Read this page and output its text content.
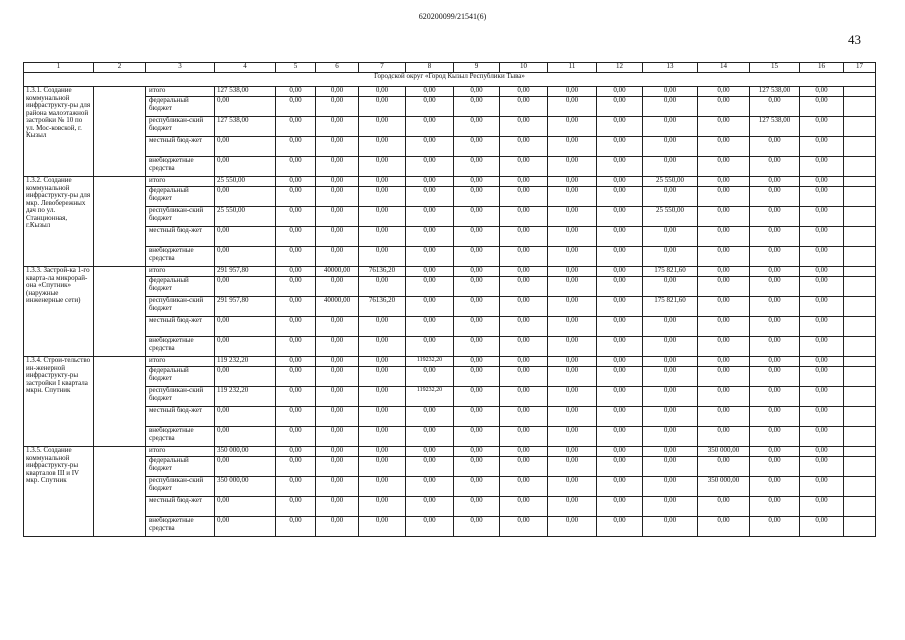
620200099/21541(6)
43
1	2	3	4	5	6	7	8	9	10	11	12	13	14	15	16	17
Городской округ «Город Кызыл Республики Тыва»																
1.3.1. Создание коммунальной инфраструкту-ры для района малоэтажной застройки № 10 по ул. Мос-ковской, г. Кызыл		итого	127 538,00	0,00	0,00	0,00	0,00	0,00	0,00	0,00	0,00	0,00	0,00	127 538,00	0,00	
		федеральный бюджет	0,00	0,00	0,00	0,00	0,00	0,00	0,00	0,00	0,00	0,00	0,00	0,00	0,00	
		республикан-ский бюджет	127 538,00	0,00	0,00	0,00	0,00	0,00	0,00	0,00	0,00	0,00	0,00	127 538,00	0,00	
		местный бюд-жет	0,00	0,00	0,00	0,00	0,00	0,00	0,00	0,00	0,00	0,00	0,00	0,00	0,00	
		внебюджетные средства	0,00	0,00	0,00	0,00	0,00	0,00	0,00	0,00	0,00	0,00	0,00	0,00	0,00	
1.3.2. Создание коммунальной инфраструкту-ры для мкр. Левобережных дач по ул. Станционная, г.Кызыл		итого	25 550,00	0,00	0,00	0,00	0,00	0,00	0,00	0,00	0,00	25 550,00	0,00	0,00	0,00	
		федеральный бюджет	0,00	0,00	0,00	0,00	0,00	0,00	0,00	0,00	0,00	0,00	0,00	0,00	0,00	
		республикан-ский бюджет	25 550,00	0,00	0,00	0,00	0,00	0,00	0,00	0,00	0,00	25 550,00	0,00	0,00	0,00	
		местный бюд-жет	0,00	0,00	0,00	0,00	0,00	0,00	0,00	0,00	0,00	0,00	0,00	0,00	0,00	
		внебюджетные средства	0,00	0,00	0,00	0,00	0,00	0,00	0,00	0,00	0,00	0,00	0,00	0,00	0,00	
1.3.3. Застрой-ка 1-го кварта-ла микрорай-она «Спутник» (наружные инженерные сети)		итого	291 957,80	0,00	40000,00	76136,20	0,00	0,00	0,00	0,00	0,00	175 821,60	0,00	0,00	0,00	
		федеральный бюджет	0,00	0,00	0,00	0,00	0,00	0,00	0,00	0,00	0,00	0,00	0,00	0,00	0,00	
		республикан-ский бюджет	291 957,80	0,00	40000,00	76136,20	0,00	0,00	0,00	0,00	0,00	175 821,60	0,00	0,00	0,00	
		местный бюд-жет	0,00	0,00	0,00	0,00	0,00	0,00	0,00	0,00	0,00	0,00	0,00	0,00	0,00	
		внебюджетные средства	0,00	0,00	0,00	0,00	0,00	0,00	0,00	0,00	0,00	0,00	0,00	0,00	0,00	
1.3.4. Строи-тельство ин-женерной инфраструкту-ры застройки I квартала мкрн. Спутник		итого	119 232,20	0,00	0,00	0,00	119232,20	0,00	0,00	0,00	0,00	0,00	0,00	0,00	0,00	
		федеральный бюджет	0,00	0,00	0,00	0,00	0,00	0,00	0,00	0,00	0,00	0,00	0,00	0,00	0,00	
		республикан-ский бюджет	119 232,20	0,00	0,00	0,00	119232,20	0,00	0,00	0,00	0,00	0,00	0,00	0,00	0,00	
		местный бюд-жет	0,00	0,00	0,00	0,00	0,00	0,00	0,00	0,00	0,00	0,00	0,00	0,00	0,00	
		внебюджетные средства	0,00	0,00	0,00	0,00	0,00	0,00	0,00	0,00	0,00	0,00	0,00	0,00	0,00	
1.3.5. Создание коммунальной инфраструкту-ры кварталов III и IV мкр. Спутник		итого	350 000,00	0,00	0,00	0,00	0,00	0,00	0,00	0,00	0,00	0,00	350 000,00	0,00	0,00	
		федеральный бюджет	0,00	0,00	0,00	0,00	0,00	0,00	0,00	0,00	0,00	0,00	0,00	0,00	0,00	
		республикан-ский бюджет	350 000,00	0,00	0,00	0,00	0,00	0,00	0,00	0,00	0,00	0,00	350 000,00	0,00	0,00	
		местный бюд-жет	0,00	0,00	0,00	0,00	0,00	0,00	0,00	0,00	0,00	0,00	0,00	0,00	0,00	
		внебюджетные средства	0,00	0,00	0,00	0,00	0,00	0,00	0,00	0,00	0,00	0,00	0,00	0,00	0,00	
